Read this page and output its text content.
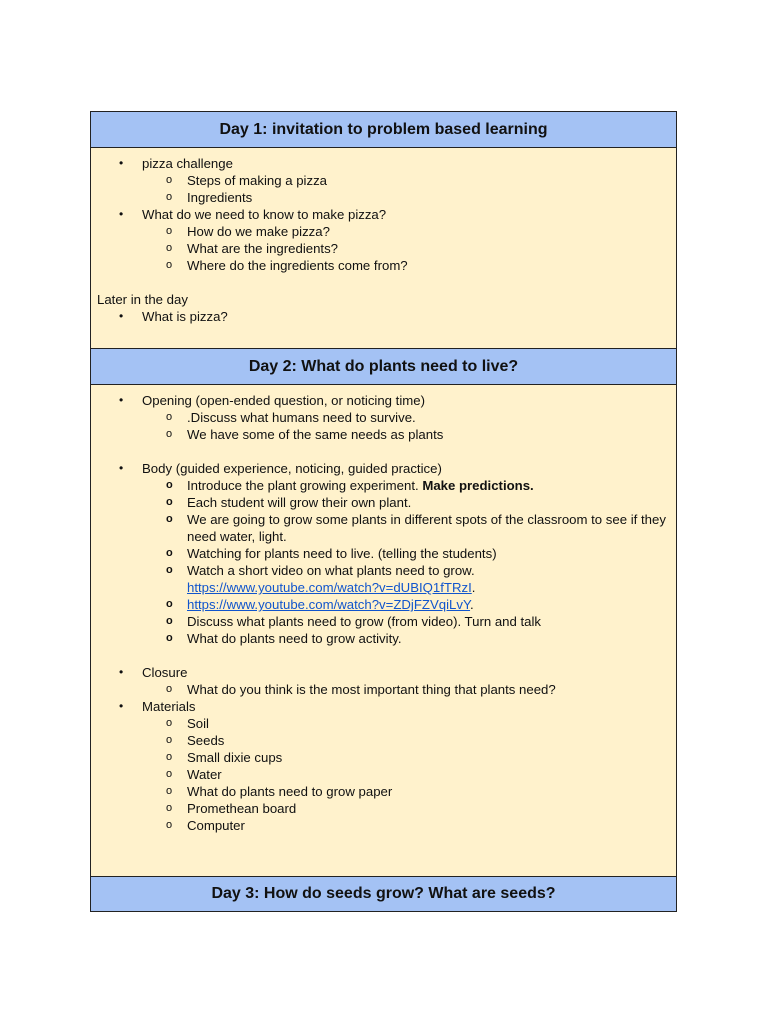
Day 1: invitation to problem based learning
• pizza challenge
o Steps of making a pizza
o Ingredients
• What do we need to know to make pizza?
o How do we make pizza?
o What are the ingredients?
o Where do the ingredients come from?
Later in the day
• What is pizza?
Day 2: What do plants need to live?
• Opening (open-ended question, or noticing time)
o .Discuss what humans need to survive.
o We have some of the same needs as plants
• Body (guided experience, noticing, guided practice)
o Introduce the plant growing experiment. Make predictions.
o Each student will grow their own plant.
o We are going to grow some plants in different spots of the classroom to see if they need water, light.
o Watching for plants need to live. (telling the students)
o Watch a short video on what plants need to grow.
https://www.youtube.com/watch?v=dUBIQ1fTRzI.
o https://www.youtube.com/watch?v=ZDjFZVqiLvY.
o Discuss what plants need to grow (from video). Turn and talk
o What do plants need to grow activity.
• Closure
o What do you think is the most important thing that plants need?
• Materials
o Soil
o Seeds
o Small dixie cups
o Water
o What do plants need to grow paper
o Promethean board
o Computer
Day 3: How do seeds grow? What are seeds?
